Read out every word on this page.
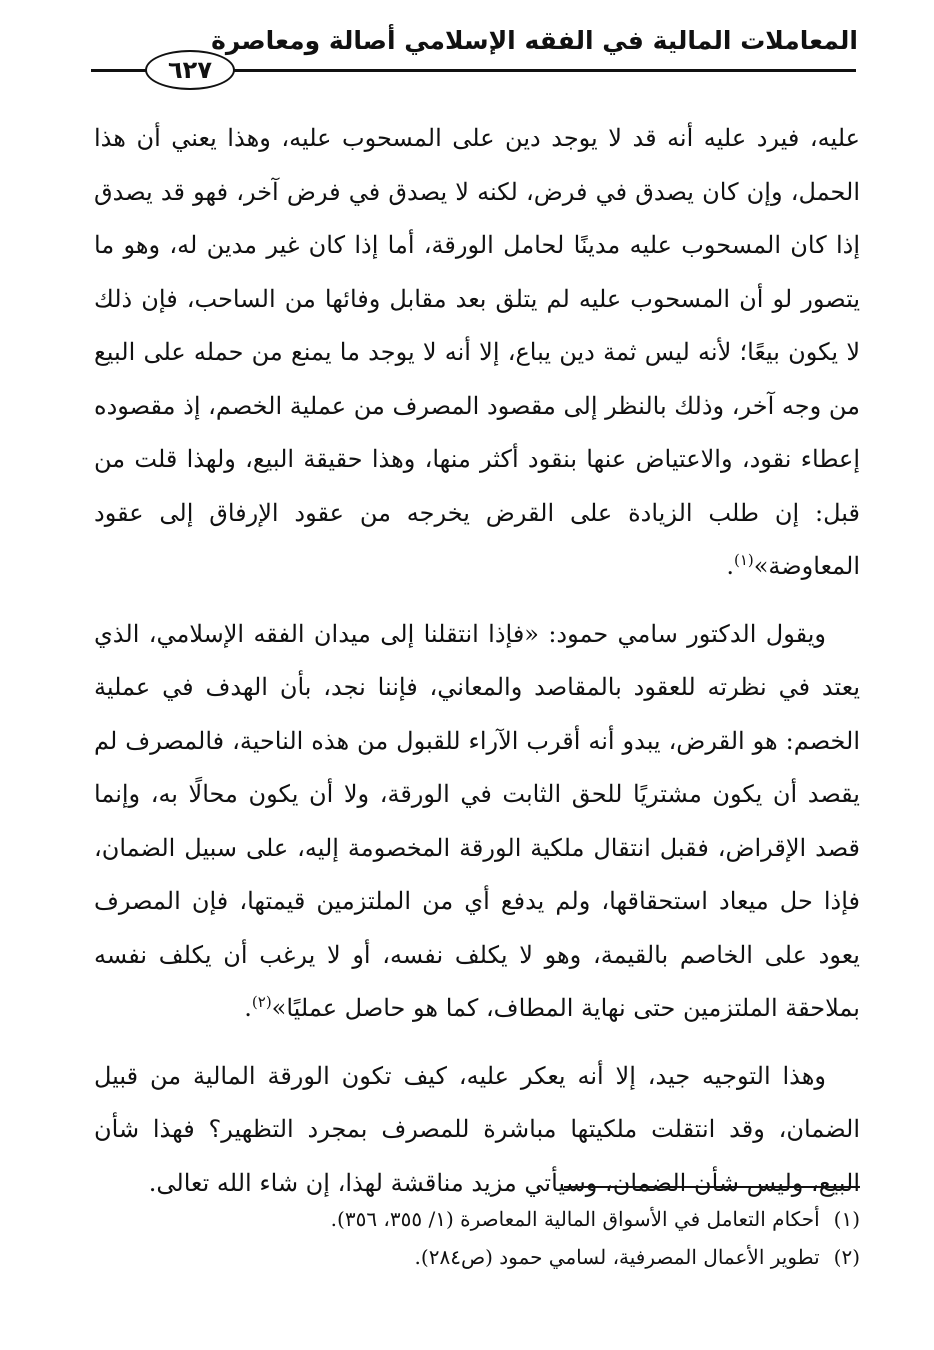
المعاملات المالية في الفقه الإسلامي أصالة ومعاصرة
٦٢٧

عليه، فيرد عليه أنه قد لا يوجد دين على المسحوب عليه، وهذا يعني أن هذا الحمل، وإن كان يصدق في فرض، لكنه لا يصدق في فرض آخر، فهو قد يصدق إذا كان المسحوب عليه مدينًا لحامل الورقة، أما إذا كان غير مدين له، وهو ما يتصور لو أن المسحوب عليه لم يتلق بعد مقابل وفائها من الساحب، فإن ذلك لا يكون بيعًا؛ لأنه ليس ثمة دين يباع، إلا أنه لا يوجد ما يمنع من حمله على البيع من وجه آخر، وذلك بالنظر إلى مقصود المصرف من عملية الخصم، إذ مقصوده إعطاء نقود، والاعتياض عنها بنقود أكثر منها، وهذا حقيقة البيع، ولهذا قلت من قبل: إن طلب الزيادة على القرض يخرجه من عقود الإرفاق إلى عقود المعاوضة»$^{(١)}$.

ويقول الدكتور سامي حمود: «فإذا انتقلنا إلى ميدان الفقه الإسلامي، الذي يعتد في نظرته للعقود بالمقاصد والمعاني، فإننا نجد، بأن الهدف في عملية الخصم: هو القرض، يبدو أنه أقرب الآراء للقبول من هذه الناحية، فالمصرف لم يقصد أن يكون مشتريًا للحق الثابت في الورقة، ولا أن يكون محالًا به، وإنما قصد الإقراض، فقبل انتقال ملكية الورقة المخصومة إليه، على سبيل الضمان، فإذا حل ميعاد استحقاقها، ولم يدفع أي من الملتزمين قيمتها، فإن المصرف يعود على الخاصم بالقيمة، وهو لا يكلف نفسه، أو لا يرغب أن يكلف نفسه بملاحقة الملتزمين حتى نهاية المطاف، كما هو حاصل عمليًا»$^{(٢)}$.

وهذا التوجيه جيد، إلا أنه يعكر عليه، كيف تكون الورقة المالية من قبيل الضمان، وقد انتقلت ملكيتها مباشرة للمصرف بمجرد التظهير؟ فهذا شأن البيع، وليس شأن الضمان، وسيأتي مزيد مناقشة لهذا، إن شاء الله تعالى.

(١) أحكام التعامل في الأسواق المالية المعاصرة (١/ ٣٥٥، ٣٥٦).

(٢) تطوير الأعمال المصرفية، لسامي حمود (ص٢٨٤).
